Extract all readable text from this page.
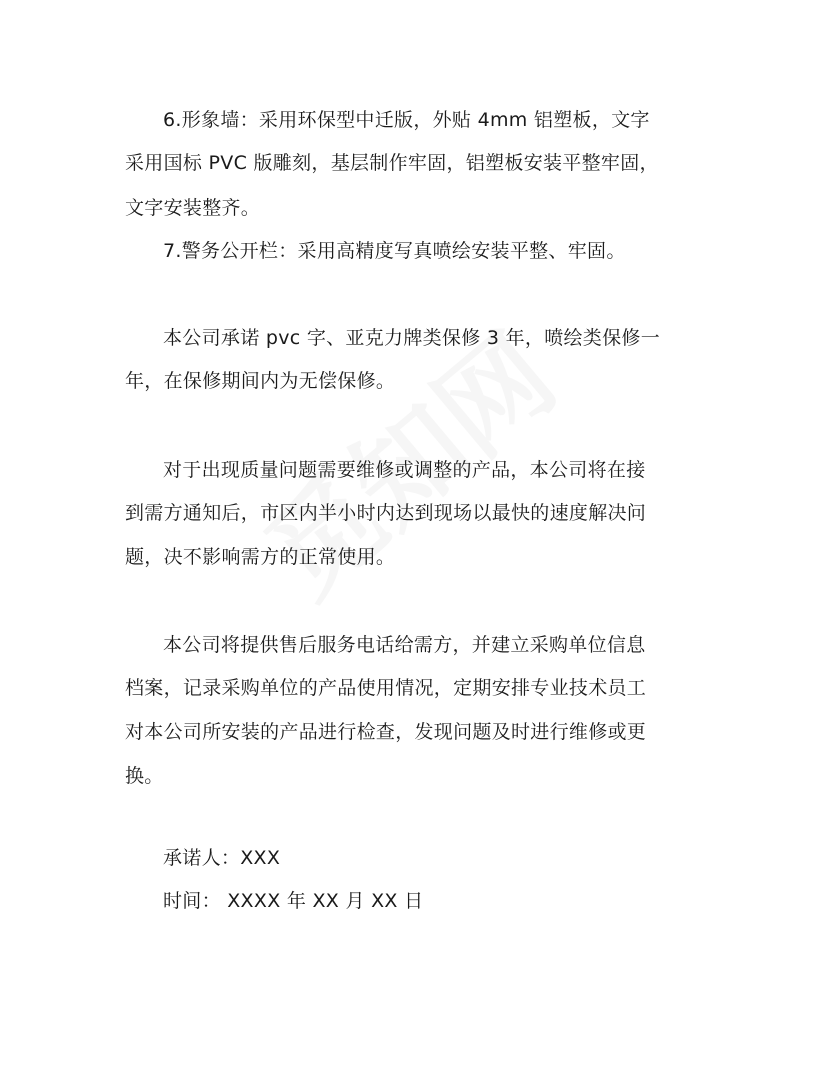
6.形象墙：采用环保型中迁版，外贴 4mm 铝塑板，文字
采用国标 PVC 版雕刻，基层制作牢固，铝塑板安装平整牢固，
文字安装整齐。
7.警务公开栏：采用高精度写真喷绘安装平整、牢固。
本公司承诺 pvc 字、亚克力牌类保修 3 年，喷绘类保修一
年，在保修期间内为无偿保修。
对于出现质量问题需要维修或调整的产品，本公司将在接
到需方通知后，市区内半小时内达到现场以最快的速度解决问
题，决不影响需方的正常使用。
本公司将提供售后服务电话给需方，并建立采购单位信息
档案，记录采购单位的产品使用情况，定期安排专业技术员工
对本公司所安装的产品进行检查，发现问题及时进行维修或更
换。
承诺人：XXX
时间： XXXX 年 XX 月 XX 日
